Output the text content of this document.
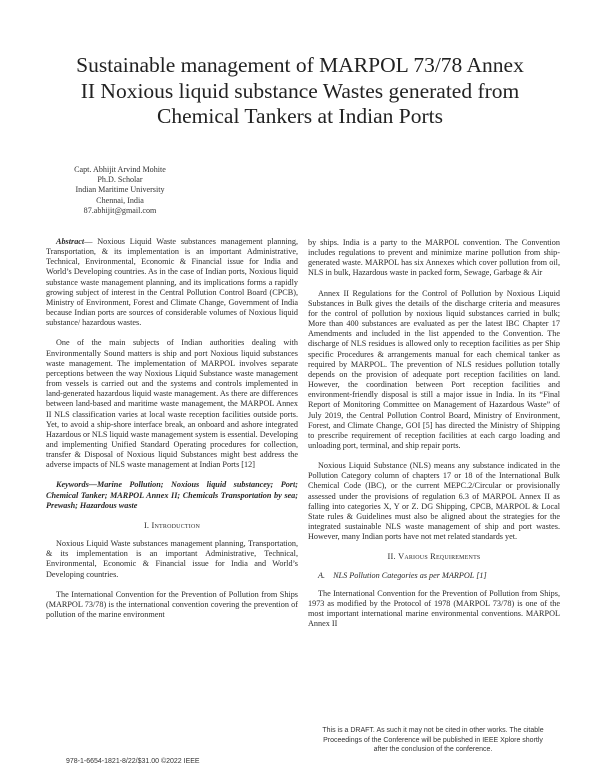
Sustainable management of MARPOL 73/78 Annex
II Noxious liquid substance Wastes generated from
Chemical Tankers at Indian Ports
Capt. Abhijit Arvind Mohite
Ph.D. Scholar
Indian Maritime University
Chennai, India
87.abhijit@gmail.com

Abstract— Noxious Liquid Waste substances management planning, Transportation, & its implementation is an important Administrative, Technical, Environmental, Economic & Financial issue for India and World’s Developing countries. As in the case of Indian ports, Noxious liquid substance waste management planning, and its implications forms a rapidly growing subject of interest in the Central Pollution Control Board (CPCB), Ministry of Environment, Forest and Climate Change, Government of India because Indian ports are sources of considerable volumes of Noxious liquid substance/ hazardous wastes.

One of the main subjects of Indian authorities dealing with Environmentally Sound matters is ship and port Noxious liquid substances waste management. The implementation of MARPOL involves separate perceptions between the way Noxious Liquid Substance waste management from vessels is carried out and the systems and controls implemented in land-generated hazardous liquid waste management. As there are differences between land-based and maritime waste management, the MARPOL Annex II NLS classification varies at local waste reception facilities outside ports. Yet, to avoid a ship-shore interface break, an onboard and ashore integrated Hazardous or NLS liquid waste management system is essential. Developing and implementing Unified Standard Operating procedures for collection, transfer & Disposal of Noxious liquid Substances might best address the adverse impacts of NLS waste management at Indian Ports [12]

Keywords—Marine Pollution; Noxious liquid substancey; Port; Chemical Tanker; MARPOL Annex II; Chemicals Transportation by sea; Prewash; Hazardous waste

I. Introduction

Noxious Liquid Waste substances management planning, Transportation, & its implementation is an important Administrative, Technical, Environmental, Economic & Financial issue for India and World’s Developing countries.

The International Convention for the Prevention of Pollution from Ships (MARPOL 73/78) is the international convention covering the prevention of pollution of the marine environment

by ships. India is a party to the MARPOL convention. The Convention includes regulations to prevent and minimize marine pollution from ship-generated waste. MARPOL has six Annexes which cover pollution from oil, NLS in bulk, Hazardous waste in packed form, Sewage, Garbage & Air

Annex II Regulations for the Control of Pollution by Noxious Liquid Substances in Bulk gives the details of the discharge criteria and measures for the control of pollution by noxious liquid substances carried in bulk; More than 400 substances are evaluated as per the latest IBC Chapter 17 Amendments and included in the list appended to the Convention. The discharge of NLS residues is allowed only to reception facilities as per Ship specific Procedures & arrangements manual for each chemical tanker as required by MARPOL. The prevention of NLS residues pollution totally depends on the provision of adequate port reception facilities on land. However, the coordination between Port reception facilities and environment-friendly disposal is still a major issue in India. In its “Final Report of Monitoring Committee on Management of Hazardous Waste” of July 2019, the Central Pollution Control Board, Ministry of Environment, Forest, and Climate Change, GOI [5] has directed the Ministry of Shipping to prescribe requirement of reception facilities at each cargo loading and unloading port, terminal, and ship repair ports.

Noxious Liquid Substance (NLS) means any substance indicated in the Pollution Category column of chapters 17 or 18 of the International Bulk Chemical Code (IBC), or the current MEPC.2/Circular or provisionally assessed under the provisions of regulation 6.3 of MARPOL Annex II as falling into categories X, Y or Z. DG Shipping, CPCB, MARPOL & Local State rules & Guidelines must also be aligned about the strategies for the integrated sustainable NLS waste management of ship and port wastes. However, many Indian ports have not met related standards yet.

II. Various Requirements
A. NLS Pollution Categories as per MARPOL [1]

The International Convention for the Prevention of Pollution from Ships, 1973 as modified by the Protocol of 1978 (MARPOL 73/78) is one of the most important international marine environmental conventions. MARPOL Annex II

978-1-6654-1821-8/22/$31.00 ©2022 IEEE
This is a DRAFT. As such it may not be cited in other works. The citable Proceedings of the Conference will be published in IEEE Xplore shortly after the conclusion of the conference.
